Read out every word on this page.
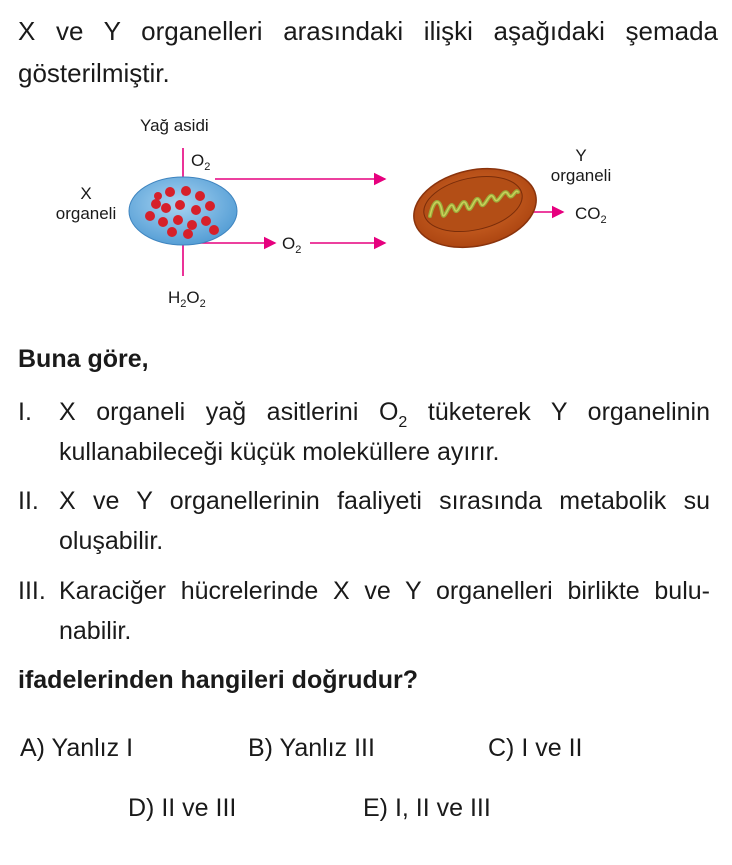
X ve Y organelleri arasındaki ilişki aşağıdaki şemada gösterilmiştir.
Yağ asidi
$O_2$
X
organeli
$O_2$
$H_2O_2$
Y
organeli
$CO_2$
Buna göre,
I. X organeli yağ asitlerini $O_2$ tüketerek Y organelinin kullanabileceği küçük moleküllere ayırır.
II. X ve Y organellerinin faaliyeti sırasında metabolik su oluşabilir.
III. Karaciğer hücrelerinde X ve Y organelleri birlikte bulu-nabilir.
ifadelerinden hangileri doğrudur?
A) Yanlız I	B) Yanlız III	C) I ve II
D) II ve III	E) I, II ve III
